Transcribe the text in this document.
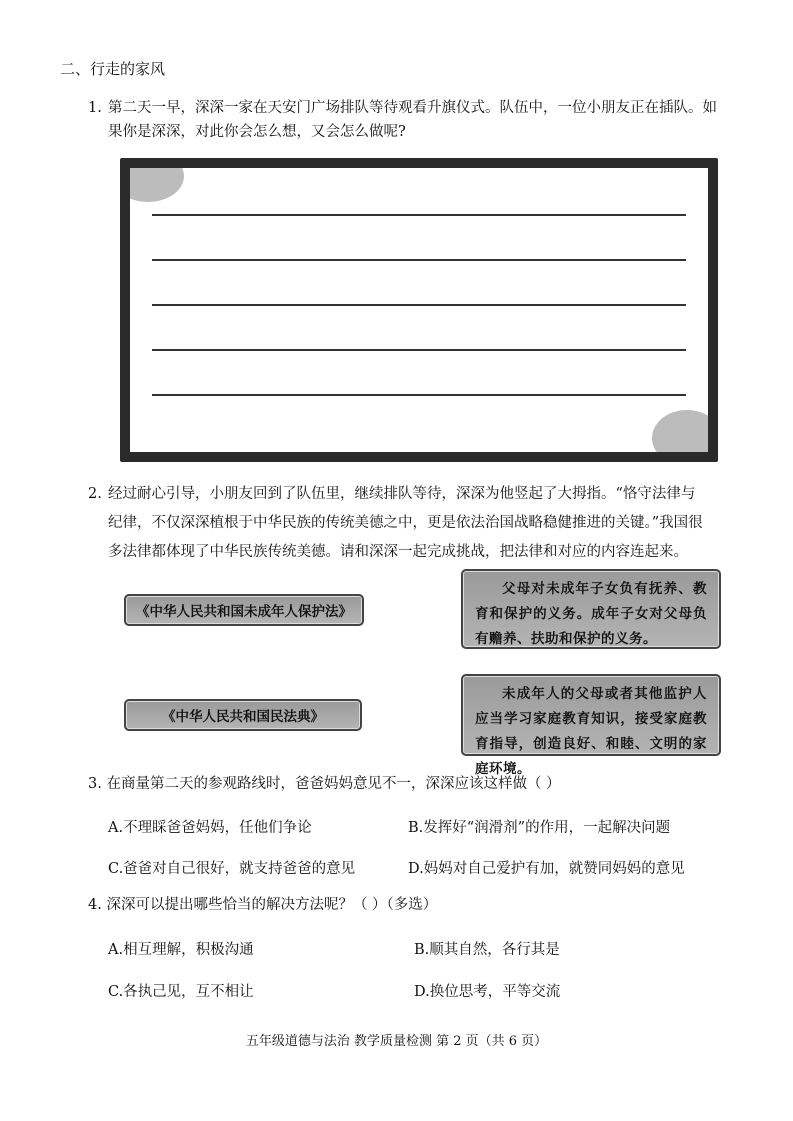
二、行走的家风
1. 第二天一早，深深一家在天安门广场排队等待观看升旗仪式。队伍中，一位小朋友正在插队。如
果你是深深，对此你会怎么想，又会怎么做呢?
2. 经过耐心引导，小朋友回到了队伍里，继续排队等待，深深为他竖起了大拇指。“恪守法律与
纪律，不仅深深植根于中华民族的传统美德之中，更是依法治国战略稳健推进的关键。”我国很
多法律都体现了中华民族传统美德。请和深深一起完成挑战，把法律和对应的内容连起来。
《中华人民共和国未成年人保护法》
《中华人民共和国民法典》
父母对未成年子女负有抚养、教育和保护的义务。成年子女对父母负有赡养、扶助和保护的义务。
未成年人的父母或者其他监护人应当学习家庭教育知识，接受家庭教育指导，创造良好、和睦、文明的家庭环境。
3. 在商量第二天的参观路线时，爸爸妈妈意见不一，深深应该这样做（ ）
A.不理睬爸爸妈妈，任他们争论	B.发挥好“润滑剂”的作用，一起解决问题
C.爸爸对自己很好，就支持爸爸的意见	D.妈妈对自己爱护有加，就赞同妈妈的意见
4. 深深可以提出哪些恰当的解决方法呢？（ ）（多选）
A.相互理解，积极沟通	B.顺其自然，各行其是
C.各执己见，互不相让	D.换位思考，平等交流
五年级道德与法治 教学质量检测 第 2 页（共 6 页）
